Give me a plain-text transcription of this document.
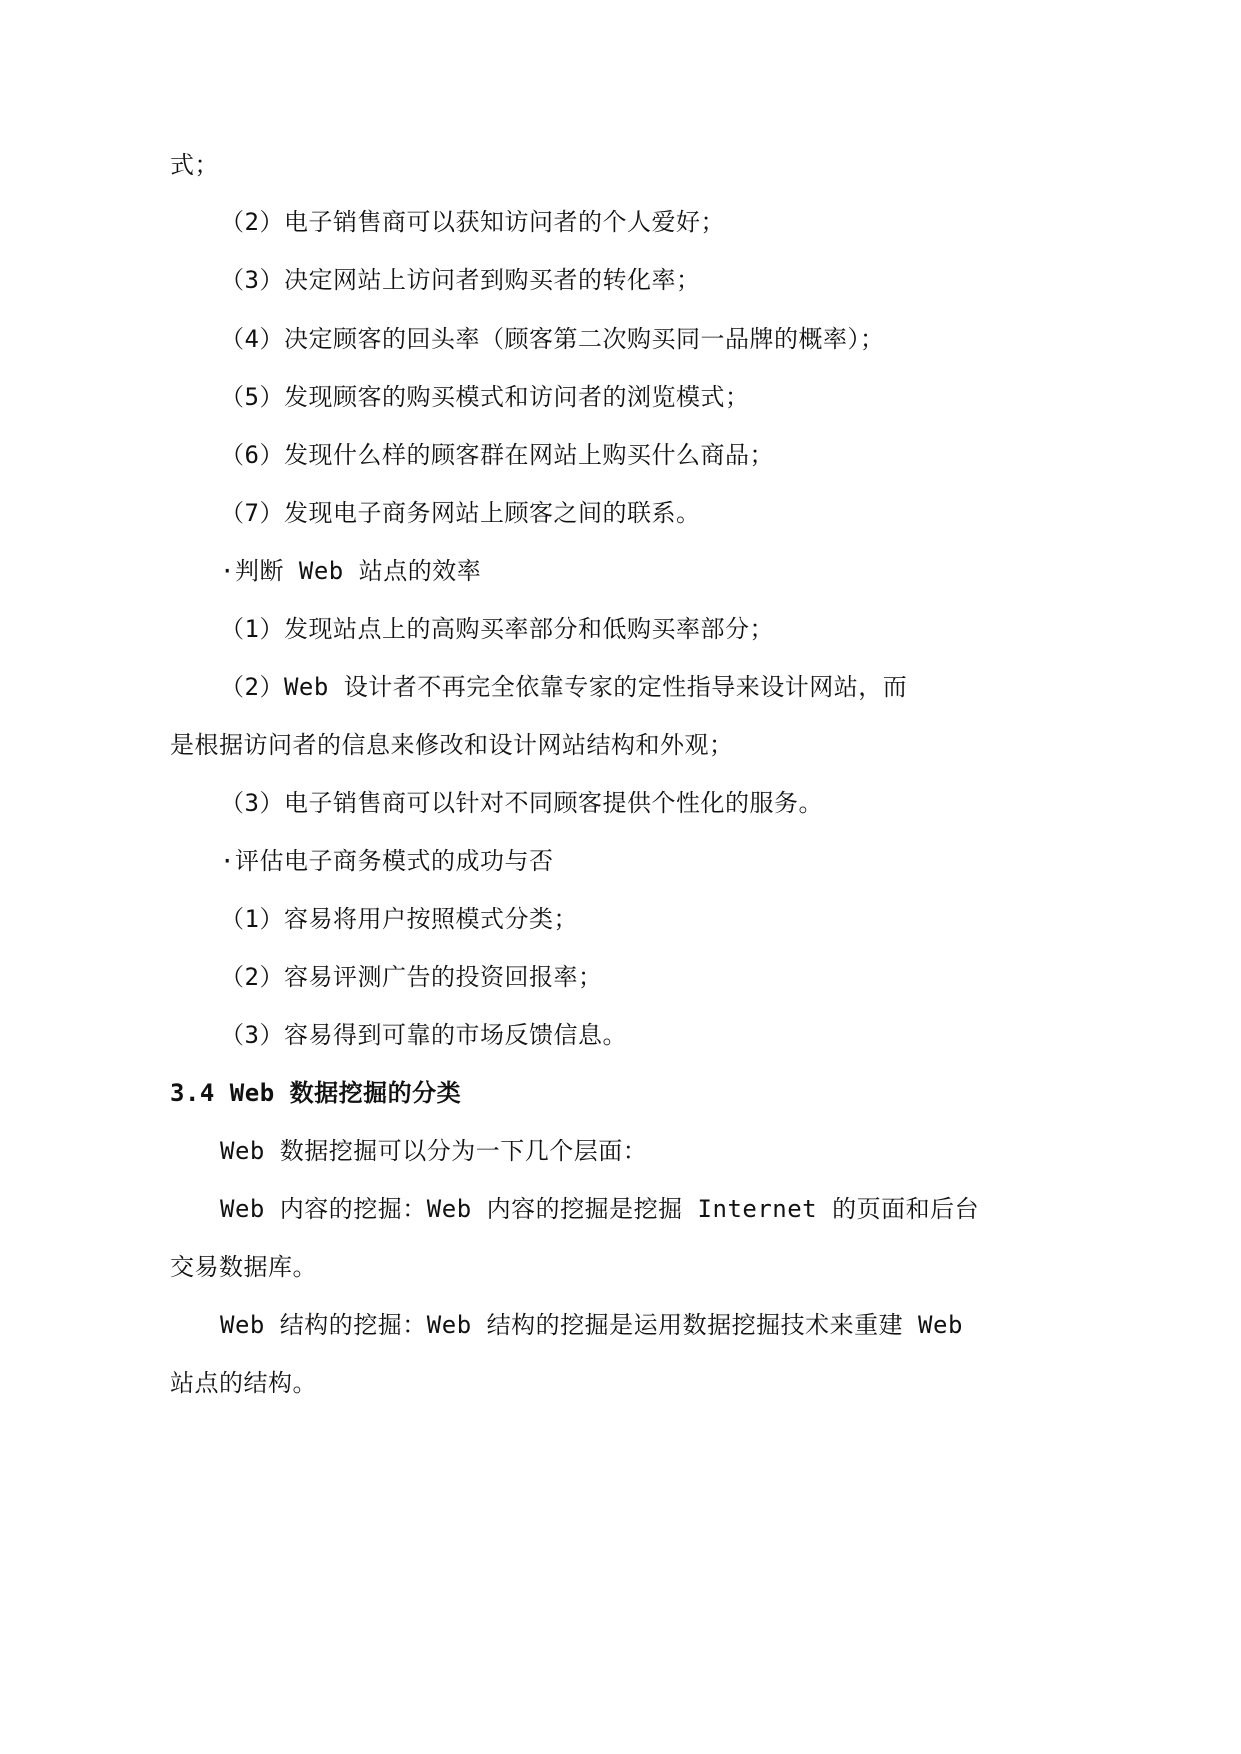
式；
（2）电子销售商可以获知访问者的个人爱好；
（3）决定网站上访问者到购买者的转化率；
（4）决定顾客的回头率（顾客第二次购买同一品牌的概率）；
（5）发现顾客的购买模式和访问者的浏览模式；
（6）发现什么样的顾客群在网站上购买什么商品；
（7）发现电子商务网站上顾客之间的联系。
·判断 Web 站点的效率
（1）发现站点上的高购买率部分和低购买率部分；
（2）Web 设计者不再完全依靠专家的定性指导来设计网站，而
是根据访问者的信息来修改和设计网站结构和外观；
（3）电子销售商可以针对不同顾客提供个性化的服务。
·评估电子商务模式的成功与否
（1）容易将用户按照模式分类；
（2）容易评测广告的投资回报率；
（3）容易得到可靠的市场反馈信息。
3.4 Web 数据挖掘的分类
Web 数据挖掘可以分为一下几个层面：
Web 内容的挖掘：Web 内容的挖掘是挖掘 Internet 的页面和后台
交易数据库。
Web 结构的挖掘：Web 结构的挖掘是运用数据挖掘技术来重建 Web
站点的结构。
